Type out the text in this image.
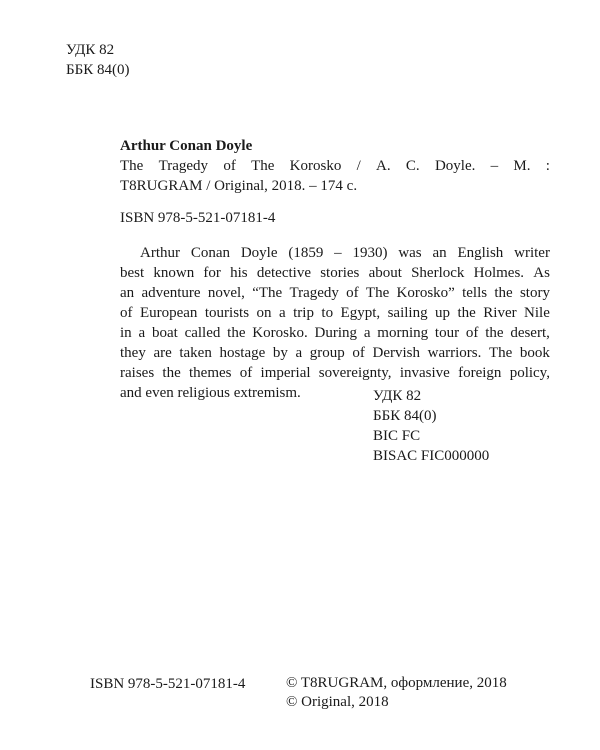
УДК 82
ББК 84(0)
Arthur Conan Doyle
The Tragedy of The Korosko / A. C. Doyle. – M. :
T8RUGRAM / Original, 2018. – 174 c.
ISBN 978-5-521-07181-4

Arthur Conan Doyle (1859 – 1930) was an English writer

best known for his detective stories about Sherlock Holmes. As

an adventure novel, “The Tragedy of The Korosko” tells the story

of European tourists on a trip to Egypt, sailing up the River Nile

in a boat called the Korosko. During a morning tour of the desert,

they are taken hostage by a group of Dervish warriors. The book

raises the themes of imperial sovereignty, invasive foreign policy,

and even religious extremism.	УДК 82
ББК 84(0)
BIC FC
BISAC FIC000000
ISBN 978-5-521-07181-4	© T8RUGRAM, оформление, 2018
© Original, 2018
